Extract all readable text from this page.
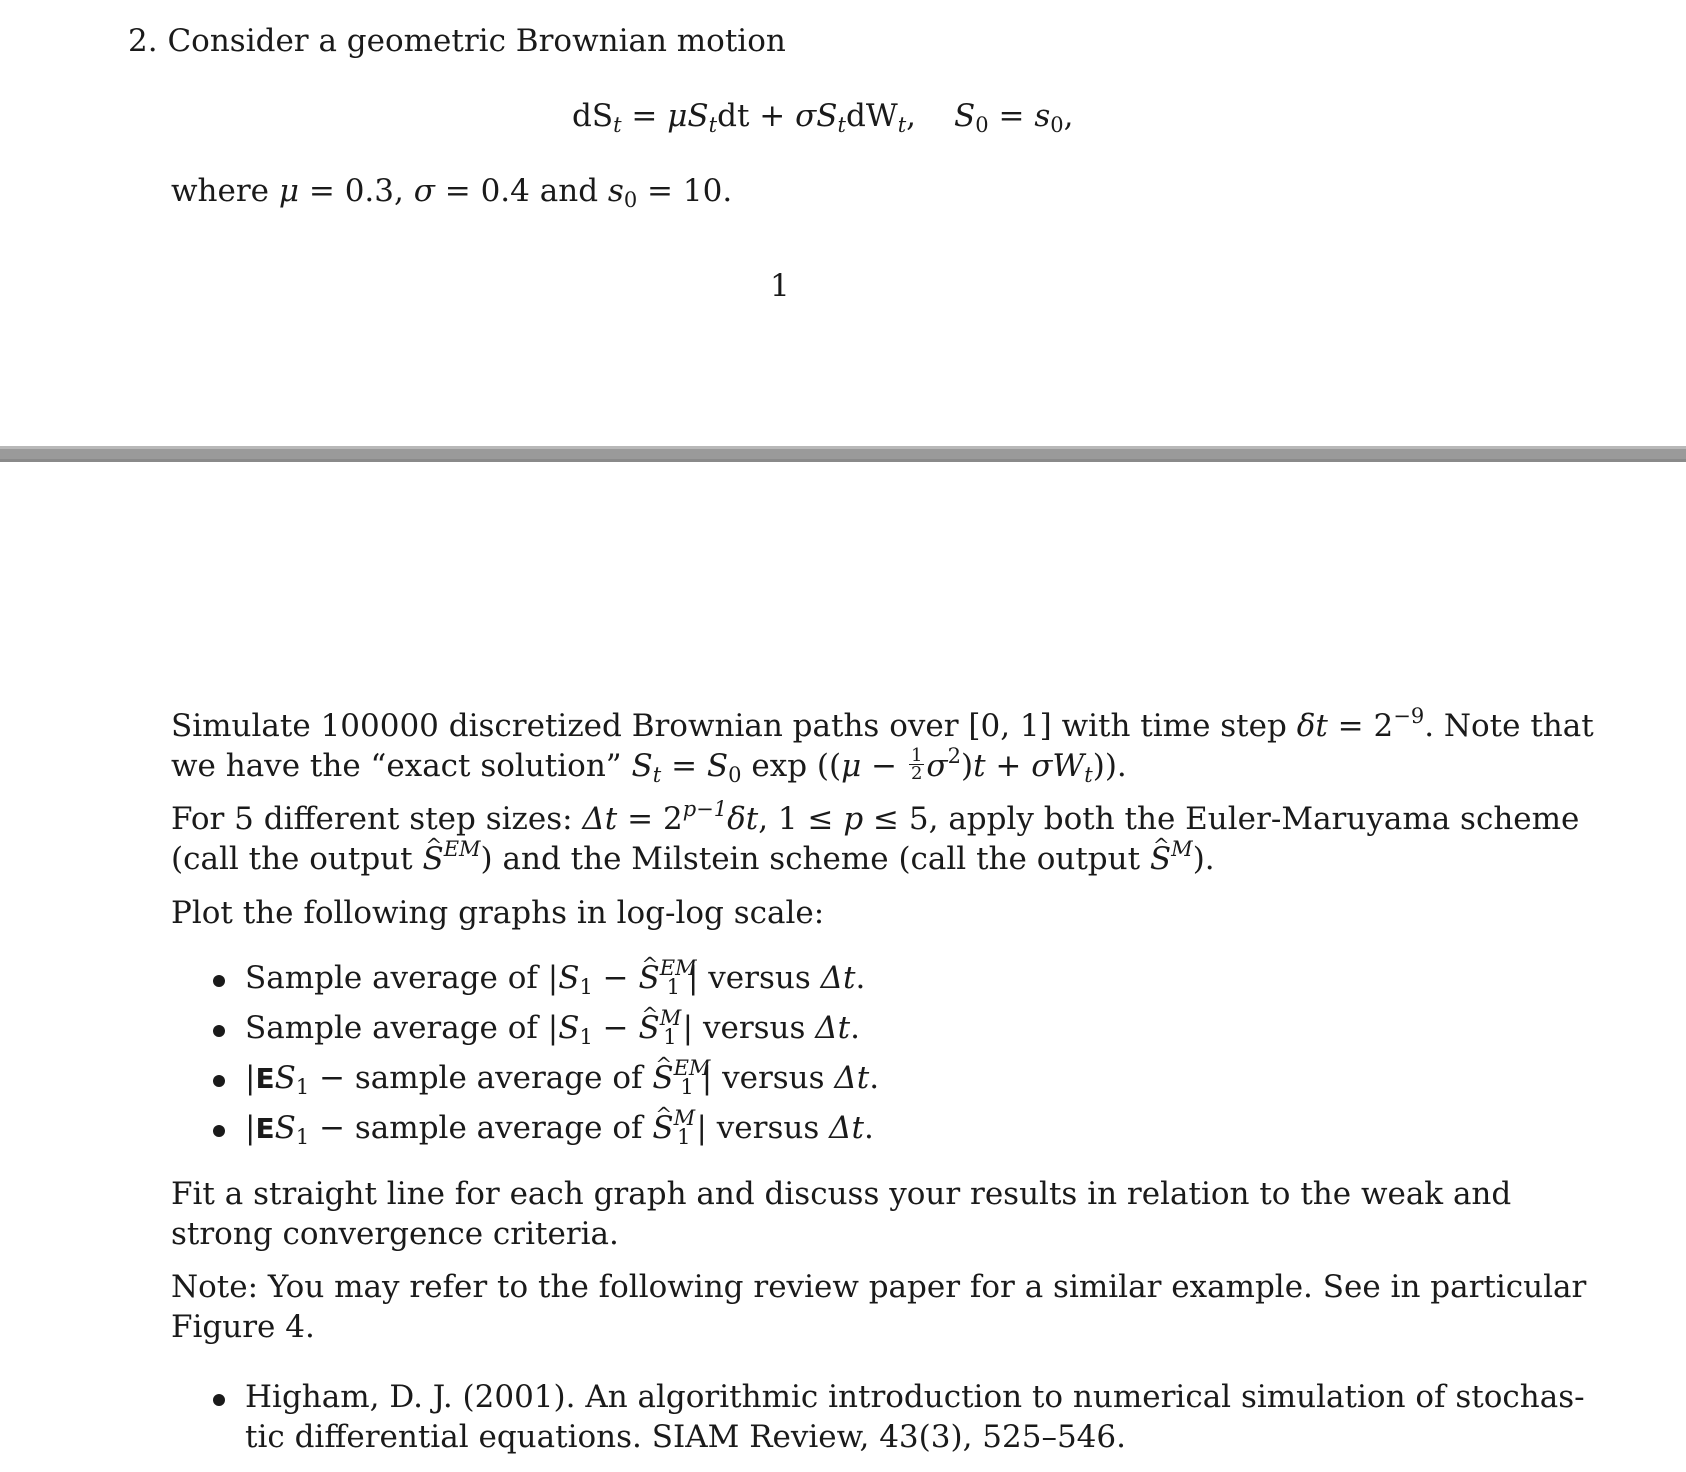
2. Consider a geometric Brownian motion
$dS_t = \mu S_tdt + \sigma S_tdW_t$, $S_0 = s_0$,
where μ = 0.3, σ = 0.4 and $s_0 = 10$.
1
Simulate 100000 discretized Brownian paths over [0, 1] with time step $\delta t = 2^{-9}$. Note that
we have the “exact solution” $S_t = S_0$ $\exp ((\mu - \frac{1}{2} \sigma^2)t + \sigma W_t)$).
For 5 different step sizes: $\Delta t = 2^{p-1}\delta t$, 1 ≤ p ≤ 5, apply both the Euler-Maruyama scheme
(call the output ^ $S^{EM}$) and the Milstein scheme (call the output ^ $S^M$).
Plot the following graphs in log-log scale:
Sample average of $|S_1$ − ^ $S^{EM}_1$ | versus Δt.
Sample average of $|S_1$ − ^ $S^M_1$ | versus Δt.
$|ES_1$ − sample average of ^ $S^{EM}_1$ | versus Δt.
$|ES_1$ − sample average of ^ $S^M_1$ | versus Δt.
Fit a straight line for each graph and discuss your results in relation to the weak and
strong convergence criteria.
Note: You may refer to the following review paper for a similar example. See in particular
Figure 4.
Higham, D. J. (2001). An algorithmic introduction to numerical simulation of stochas-
tic differential equations. SIAM Review, 43(3), 525–546.
